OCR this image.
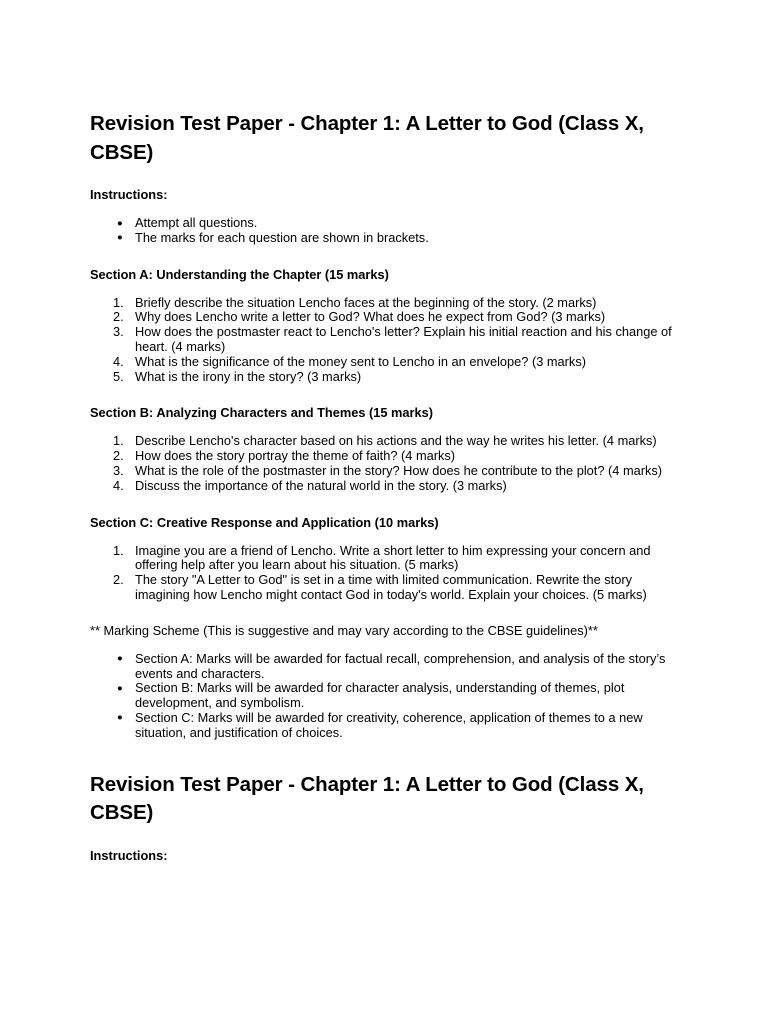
Revision Test Paper - Chapter 1: A Letter to God (Class X, CBSE)
Instructions:
● Attempt all questions.
● The marks for each question are shown in brackets.
Section A: Understanding the Chapter (15 marks)
Briefly describe the situation Lencho faces at the beginning of the story. (2 marks)
Why does Lencho write a letter to God? What does he expect from God? (3 marks)
How does the postmaster react to Lencho's letter? Explain his initial reaction and his change of heart. (4 marks)
What is the significance of the money sent to Lencho in an envelope? (3 marks)
What is the irony in the story? (3 marks)
Section B: Analyzing Characters and Themes (15 marks)
Describe Lencho's character based on his actions and the way he writes his letter. (4 marks)
How does the story portray the theme of faith? (4 marks)
What is the role of the postmaster in the story? How does he contribute to the plot? (4 marks)
Discuss the importance of the natural world in the story. (3 marks)
Section C: Creative Response and Application (10 marks)
Imagine you are a friend of Lencho. Write a short letter to him expressing your concern and offering help after you learn about his situation. (5 marks)
The story "A Letter to God" is set in a time with limited communication. Rewrite the story imagining how Lencho might contact God in today's world. Explain your choices. (5 marks)
** Marking Scheme (This is suggestive and may vary according to the CBSE guidelines)**
● Section A: Marks will be awarded for factual recall, comprehension, and analysis of the story’s events and characters.
● Section B: Marks will be awarded for character analysis, understanding of themes, plot development, and symbolism.
● Section C: Marks will be awarded for creativity, coherence, application of themes to a new situation, and justification of choices.
Revision Test Paper - Chapter 1: A Letter to God (Class X, CBSE)
Instructions:
